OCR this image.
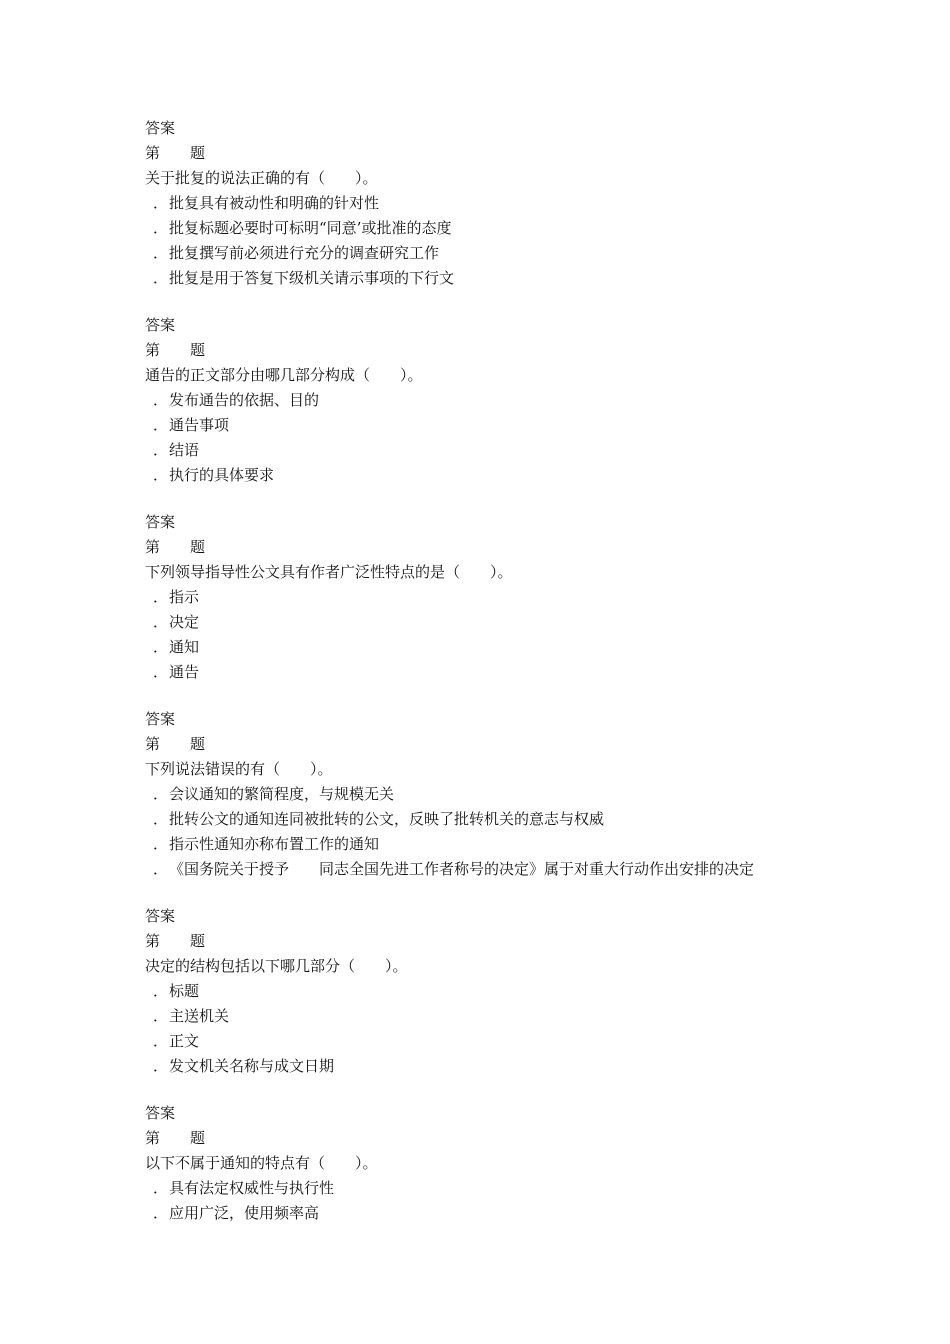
答案
第　　题
关于批复的说法正确的有（　　）。
．批复具有被动性和明确的针对性
．批复标题必要时可标明“同意’或批准的态度
．批复撰写前必须进行充分的调查研究工作
．批复是用于答复下级机关请示事项的下行文
答案
第　　题
通告的正文部分由哪几部分构成（　　）。
．发布通告的依据、目的
．通告事项
．结语
．执行的具体要求
答案
第　　题
下列领导指导性公文具有作者广泛性特点的是（　　）。
．指示
．决定
．通知
．通告
答案
第　　题
下列说法错误的有（　　）。
．会议通知的繁简程度，与规模无关
．批转公文的通知连同被批转的公文，反映了批转机关的意志与权威
．指示性通知亦称布置工作的通知
．《国务院关于授予　　同志全国先进工作者称号的决定》属于对重大行动作出安排的决定
答案
第　　题
决定的结构包括以下哪几部分（　　）。
．标题
．主送机关
．正文
．发文机关名称与成文日期
答案
第　　题
以下不属于通知的特点有（　　）。
．具有法定权威性与执行性
．应用广泛，使用频率高
